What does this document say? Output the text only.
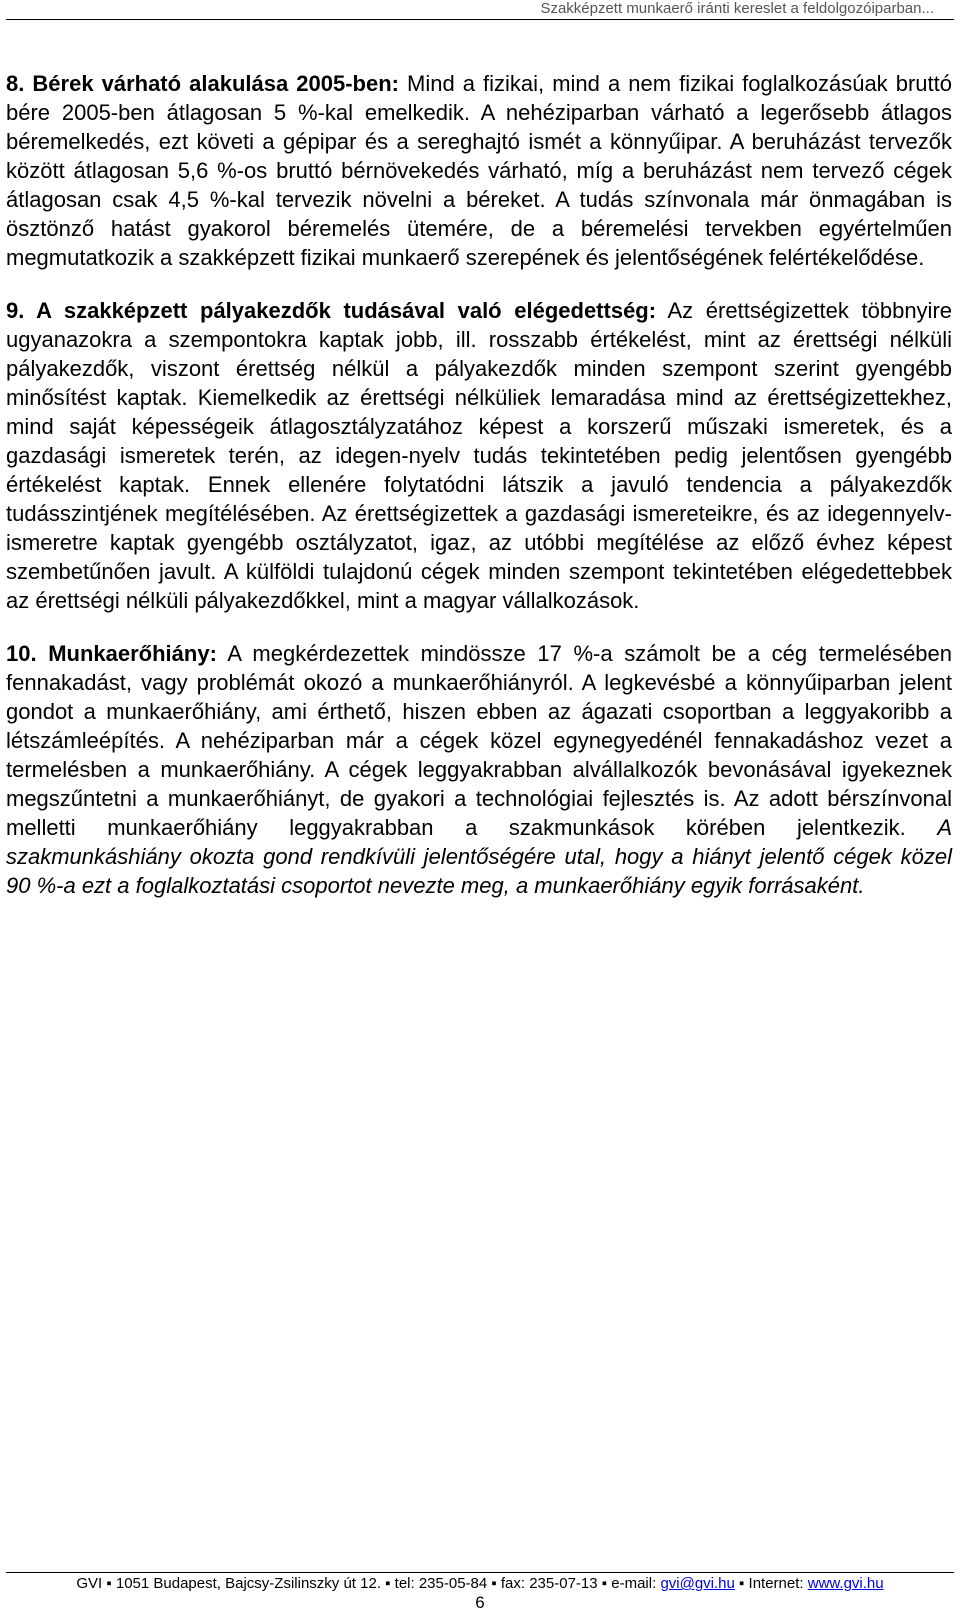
Szakképzett munkaerő iránti kereslet a feldolgozóiparban...

8. Bérek várható alakulása 2005-ben: Mind a fizikai, mind a nem fizikai foglalkozásúak bruttó bére 2005-ben átlagosan 5 %-kal emelkedik. A nehéziparban várható a legerősebb átlagos béremelkedés, ezt követi a gépipar és a sereghajtó ismét a könnyűipar. A beruházást tervezők között átlagosan 5,6 %-os bruttó bérnövekedés várható, míg a beruházást nem tervező cégek átlagosan csak 4,5 %-kal tervezik növelni a béreket. A tudás színvonala már önmagában is ösztönző hatást gyakorol béremelés ütemére, de a béremelési tervekben egyértelműen megmutatkozik a szakképzett fizikai munkaerő szerepének és jelentőségének felértékelődése.

9. A szakképzett pályakezdők tudásával való elégedettség: Az érettségizettek többnyire ugyanazokra a szempontokra kaptak jobb, ill. rosszabb értékelést, mint az érettségi nélküli pályakezdők, viszont érettség nélkül a pályakezdők minden szempont szerint gyengébb minősítést kaptak. Kiemelkedik az érettségi nélküliek lemaradása mind az érettségizettekhez, mind saját képességeik átlagosztályzatához képest a korszerű műszaki ismeretek, és a gazdasági ismeretek terén, az idegen-nyelv tudás tekintetében pedig jelentősen gyengébb értékelést kaptak. Ennek ellenére folytatódni látszik a javuló tendencia a pályakezdők tudásszintjének megítélésében. Az érettségizettek a gazdasági ismereteikre, és az idegennyelv-ismeretre kaptak gyengébb osztályzatot, igaz, az utóbbi megítélése az előző évhez képest szembetűnően javult. A külföldi tulajdonú cégek minden szempont tekintetében elégedettebbek az érettségi nélküli pályakezdőkkel, mint a magyar vállalkozások.

10. Munkaerőhiány: A megkérdezettek mindössze 17 %-a számolt be a cég termelésében fennakadást, vagy problémát okozó a munkaerőhiányról. A legkevésbé a könnyűiparban jelent gondot a munkaerőhiány, ami érthető, hiszen ebben az ágazati csoportban a leggyakoribb a létszámleépítés. A nehéziparban már a cégek közel egynegyedénél fennakadáshoz vezet a termelésben a munkaerőhiány. A cégek leggyakrabban alvállalkozók bevonásával igyekeznek megszűntetni a munkaerőhiányt, de gyakori a technológiai fejlesztés is. Az adott bérszínvonal melletti munkaerőhiány leggyakrabban a szakmunkások körében jelentkezik. A szakmunkáshiány okozta gond rendkívüli jelentőségére utal, hogy a hiányt jelentő cégek közel 90 %-a ezt a foglalkoztatási csoportot nevezte meg, a munkaerőhiány egyik forrásaként.

GVI ▪ 1051 Budapest, Bajcsy-Zsilinszky út 12. ▪ tel: 235-05-84 ▪ fax: 235-07-13 ▪ e-mail: gvi@gvi.hu ▪ Internet: www.gvi.hu
6
